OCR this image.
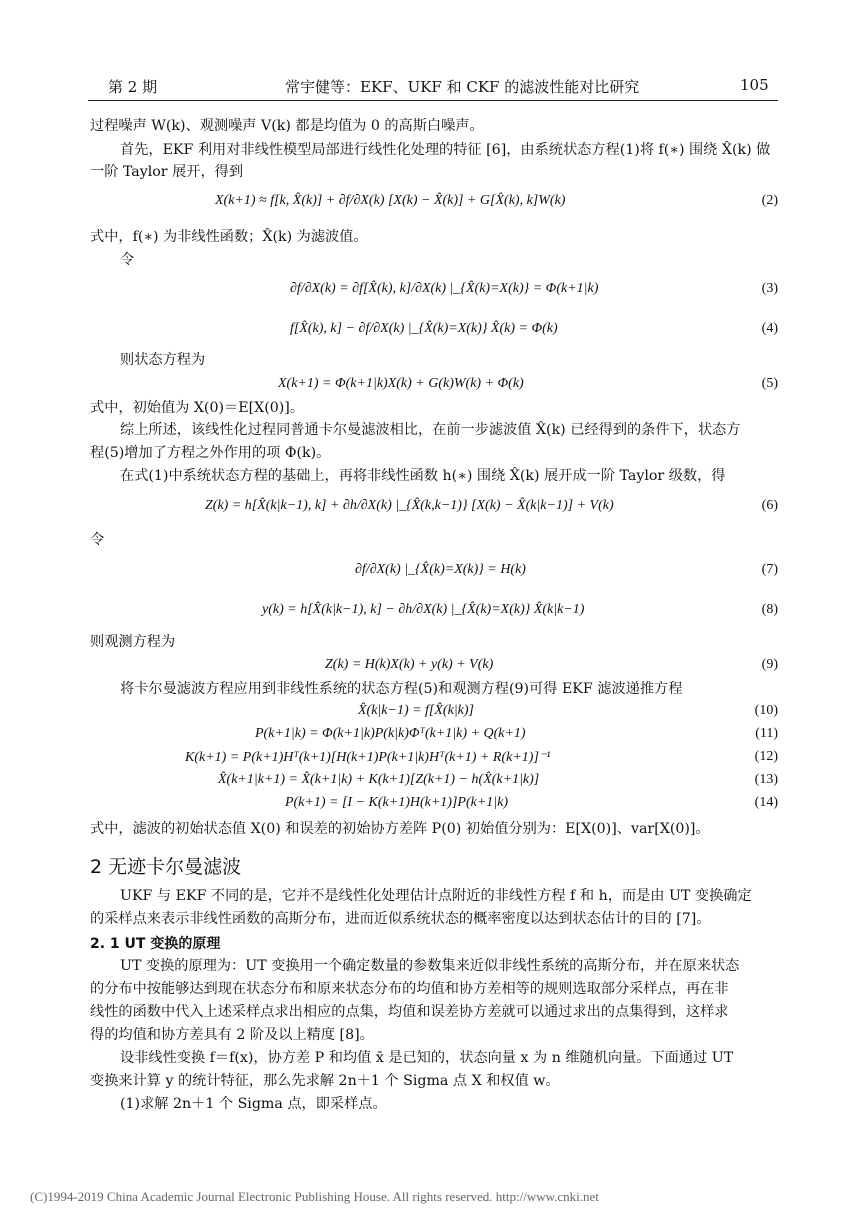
第 2 期	常宇健等：EKF、UKF 和 CKF 的滤波性能对比研究	105
过程噪声 W(k)、观测噪声 V(k) 都是均值为 0 的高斯白噪声。
首先，EKF 利用对非线性模型局部进行线性化处理的特征 [6]，由系统状态方程(1)将 f(∗) 围绕 X̂(k) 做
一阶 Taylor 展开，得到
X(k+1) ≈ f[k, X̂(k)] + ∂f/∂X(k) [X(k) − X̂(k)] + G[X̂(k), k]W(k)	(2)
式中，f(∗) 为非线性函数；X̂(k) 为滤波值。
令
∂f/∂X(k) = ∂f[X̂(k), k]/∂X(k) |_{X̂(k)=X(k)} = Φ(k+1|k)	(3)
f[X̂(k), k] − ∂f/∂X(k) |_{X̂(k)=X(k)} X̂(k) = Φ(k)	(4)
则状态方程为
X(k+1) = Φ(k+1|k)X(k) + G(k)W(k) + Φ(k)	(5)
式中，初始值为 X(0)＝E[X(0)]。
综上所述，该线性化过程同普通卡尔曼滤波相比，在前一步滤波值 X̂(k) 已经得到的条件下，状态方
程(5)增加了方程之外作用的项 Φ(k)。
在式(1)中系统状态方程的基础上，再将非线性函数 h(∗) 围绕 X̂(k) 展开成一阶 Taylor 级数，得
Z(k) = h[X̂(k|k−1), k] + ∂h/∂X(k) |_{X̂(k,k−1)} [X(k) − X̂(k|k−1)] + V(k)	(6)
令
∂f/∂X(k) |_{X̂(k)=X(k)} = H(k)	(7)
y(k) = h[X̂(k|k−1), k] − ∂h/∂X(k) |_{X̂(k)=X(k)} X̂(k|k−1)	(8)
则观测方程为
Z(k) = H(k)X(k) + y(k) + V(k)	(9)
将卡尔曼滤波方程应用到非线性系统的状态方程(5)和观测方程(9)可得 EKF 滤波递推方程
X̂(k|k−1) = f[X̂(k|k)]	(10)
P(k+1|k) = Φ(k+1|k)P(k|k)Φᵀ(k+1|k) + Q(k+1)	(11)
K(k+1) = P(k+1)Hᵀ(k+1)[H(k+1)P(k+1|k)Hᵀ(k+1) + R(k+1)]⁻¹	(12)
X̂(k+1|k+1) = X̂(k+1|k) + K(k+1)[Z(k+1) − h(X̂(k+1|k)]	(13)
P(k+1) = [I − K(k+1)H(k+1)]P(k+1|k)	(14)
式中，滤波的初始状态值 X(0) 和误差的初始协方差阵 P(0) 初始值分别为：E[X(0)]、var[X(0)]。
2 无迹卡尔曼滤波
UKF 与 EKF 不同的是，它并不是线性化处理估计点附近的非线性方程 f 和 h，而是由 UT 变换确定
的采样点来表示非线性函数的高斯分布，进而近似系统状态的概率密度以达到状态估计的目的 [7]。
2. 1 UT 变换的原理
UT 变换的原理为：UT 变换用一个确定数量的参数集来近似非线性系统的高斯分布，并在原来状态
的分布中按能够达到现在状态分布和原来状态分布的均值和协方差相等的规则选取部分采样点，再在非
线性的函数中代入上述采样点求出相应的点集，均值和误差协方差就可以通过求出的点集得到，这样求
得的均值和协方差具有 2 阶及以上精度 [8]。
设非线性变换 f＝f(x)，协方差 P 和均值 x̄ 是已知的，状态向量 x 为 n 维随机向量。下面通过 UT
变换来计算 y 的统计特征，那么先求解 2n＋1 个 Sigma 点 X 和权值 w。
(1)求解 2n＋1 个 Sigma 点，即采样点。
(C)1994-2019 China Academic Journal Electronic Publishing House. All rights reserved. http://www.cnki.net
